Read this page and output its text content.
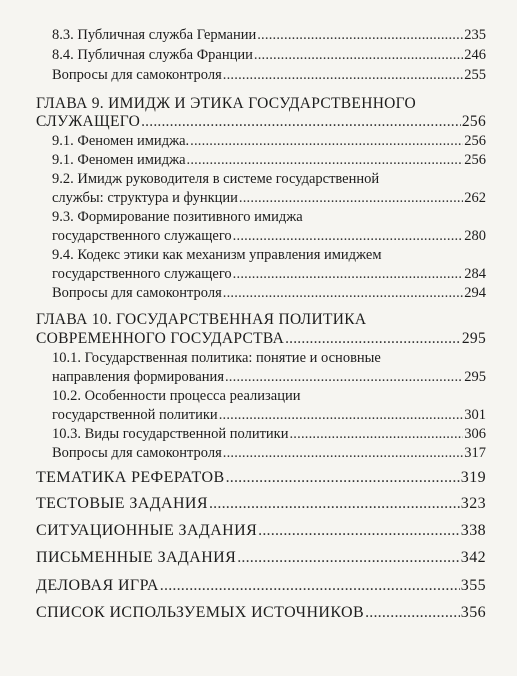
8.3. Публичная служба Германии .....	235
8.4. Публичная служба Франции .....	246
Вопросы для самоконтроля .....	255
ГЛАВА 9. ИМИДЖ И ЭТИКА ГОСУДАРСТВЕННОГО
СЛУЖАЩЕГО .....	256
9.1. Феномен имиджа. .....	256
9.1. Феномен имиджа .....	256
9.2. Имидж руководителя в системе государственной
службы: структура и функции .....	262
9.3. Формирование позитивного имиджа
государственного служащего .....	280
9.4. Кодекс этики как механизм управления имиджем
государственного служащего .....	284
Вопросы для самоконтроля .....	294
ГЛАВА 10. ГОСУДАРСТВЕННАЯ ПОЛИТИКА
СОВРЕМЕННОГО ГОСУДАРСТВА .....	295
10.1. Государственная политика: понятие и основные
направления формирования .....	295
10.2. Особенности процесса реализации
государственной политики .....	301
10.3. Виды государственной политики .....	306
Вопросы для самоконтроля .....	317
ТЕМАТИКА РЕФЕРАТОВ .....	319
ТЕСТОВЫЕ ЗАДАНИЯ .....	323
СИТУАЦИОННЫЕ ЗАДАНИЯ .....	338
ПИСЬМЕННЫЕ ЗАДАНИЯ .....	342
ДЕЛОВАЯ ИГРА .....	355
СПИСОК ИСПОЛЬЗУЕМЫХ ИСТОЧНИКОВ .....	356
